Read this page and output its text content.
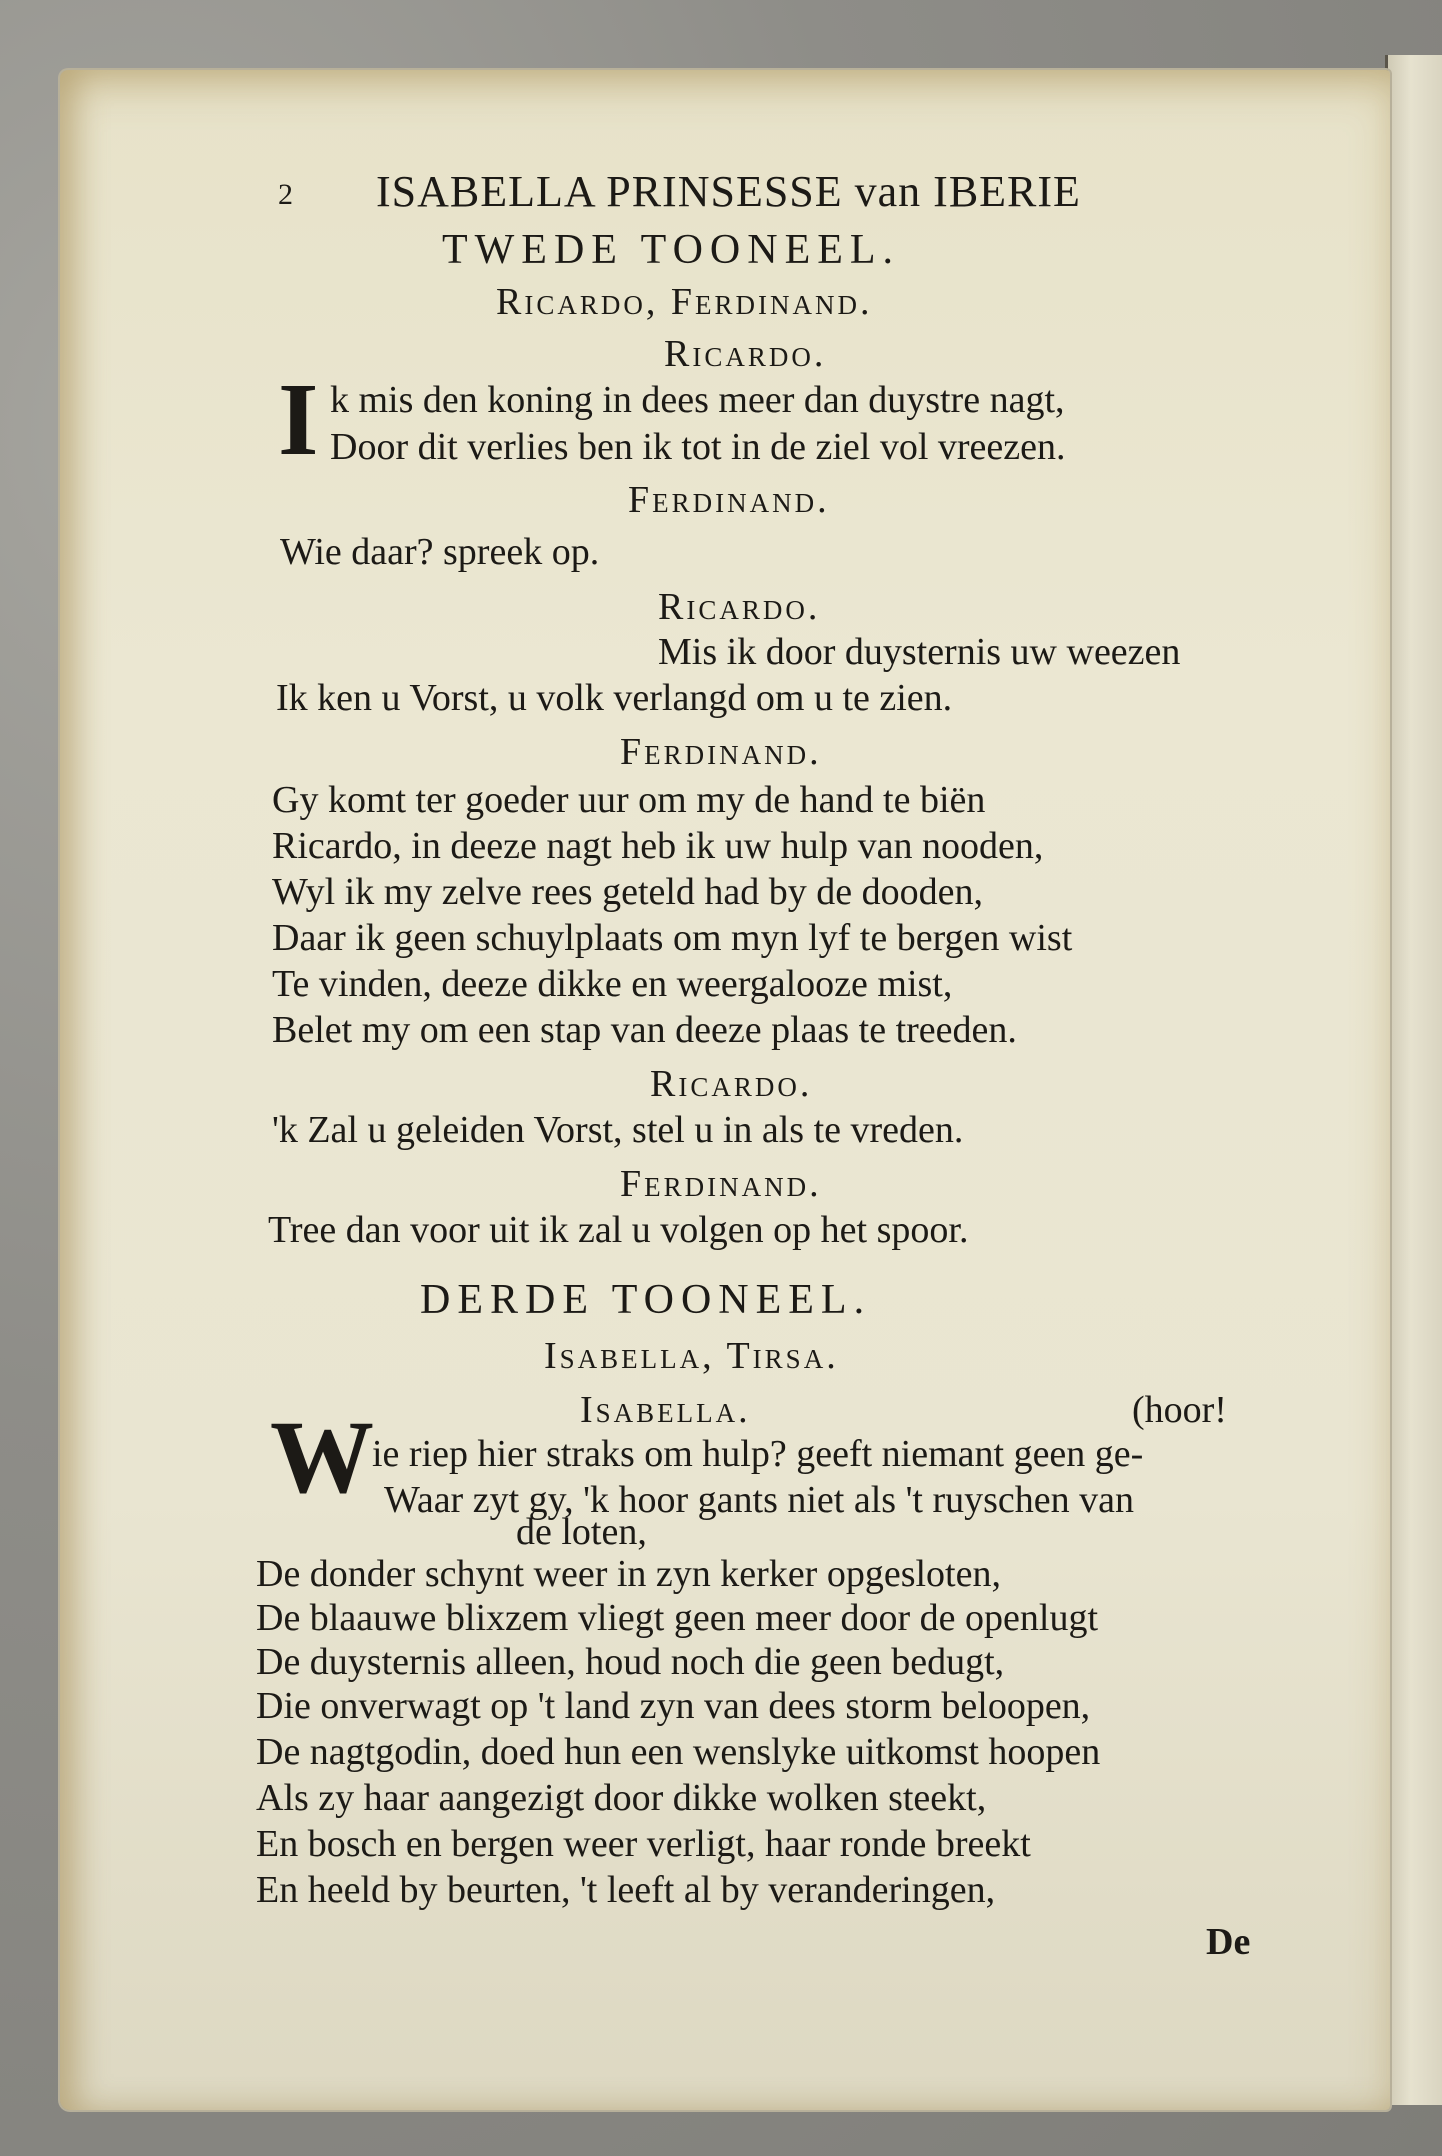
2 ISABELLA PRINSESSE van IBERIE
TWEDE TOONEEL.
Ricardo, Ferdinand.
Ricardo.
I k mis den koning in dees meer dan duystre nagt,
Door dit verlies ben ik tot in de ziel vol vreezen.
Ferdinand.
Wie daar? spreek op.
Ricardo.
Mis ik door duysternis uw weezen
Ik ken u Vorst, u volk verlangd om u te zien.
Ferdinand.
Gy komt ter goeder uur om my de hand te biën
Ricardo, in deeze nagt heb ik uw hulp van nooden,
Wyl ik my zelve rees geteld had by de dooden,
Daar ik geen schuylplaats om myn lyf te bergen wist
Te vinden, deeze dikke en weergalooze mist,
Belet my om een stap van deeze plaas te treeden.
Ricardo.
'k Zal u geleiden Vorst, stel u in als te vreden.
Ferdinand.
Tree dan voor uit ik zal u volgen op het spoor.
DERDE TOONEEL.
Isabella, Tirsa.
Isabella.	(hoor!
W
ie riep hier straks om hulp? geeft niemant geen ge-
Waar zyt gy, 'k hoor gants niet als 't ruyschen van
de loten,
De donder schynt weer in zyn kerker opgesloten,
De blaauwe blixzem vliegt geen meer door de openlugt
De duysternis alleen, houd noch die geen bedugt,
Die onverwagt op 't land zyn van dees storm beloopen,
De nagtgodin, doed hun een wenslyke uitkomst hoopen
Als zy haar aangezigt door dikke wolken steekt,
En bosch en bergen weer verligt, haar ronde breekt
En heeld by beurten, 't leeft al by veranderingen,
De
